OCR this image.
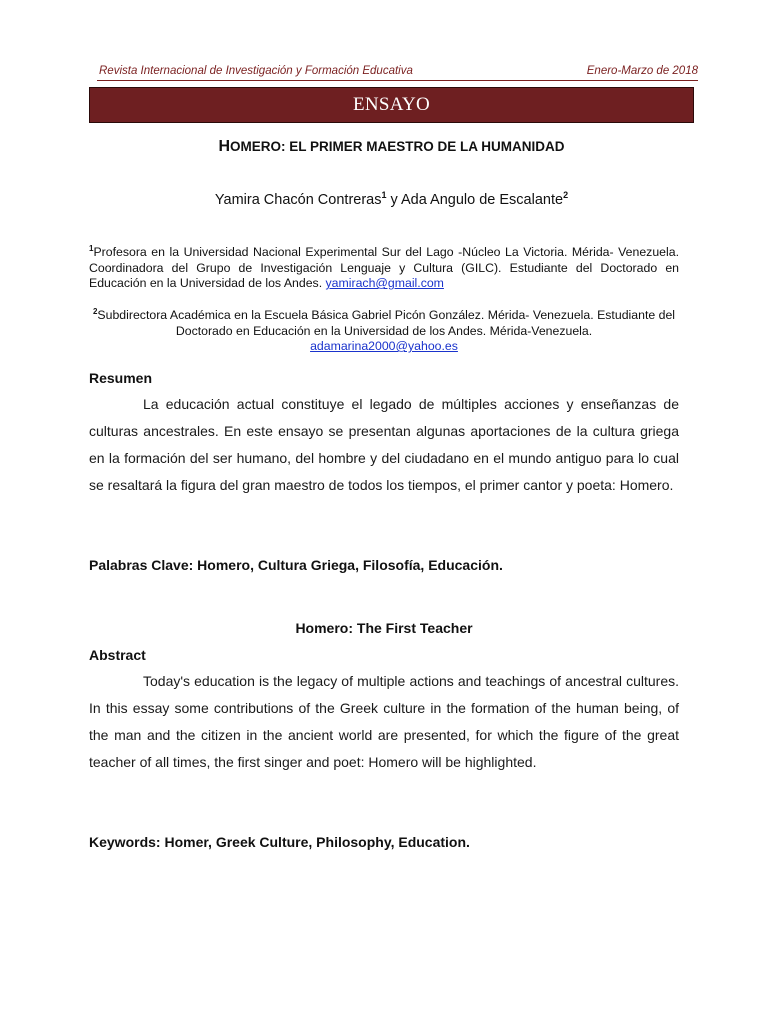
Revista Internacional de Investigación y Formación Educativa	Enero-Marzo de 2018
ENSAYO
HOMERO: EL PRIMER MAESTRO DE LA HUMANIDAD
Yamira Chacón Contreras$^1$ y Ada Angulo de Escalante$^2$
$^1$Profesora en la Universidad Nacional Experimental Sur del Lago -Núcleo La Victoria. Mérida- Venezuela. Coordinadora del Grupo de Investigación Lenguaje y Cultura (GILC). Estudiante del Doctorado en Educación en la Universidad de los Andes. yamirach@gmail.com
$^2$Subdirectora Académica en la Escuela Básica Gabriel Picón González. Mérida- Venezuela. Estudiante del Doctorado en Educación en la Universidad de los Andes. Mérida-Venezuela.
adamarina2000@yahoo.es
Resumen

La educación actual constituye el legado de múltiples acciones y enseñanzas de culturas ancestrales. En este ensayo se presentan algunas aportaciones de la cultura griega en la formación del ser humano, del hombre y del ciudadano en el mundo antiguo para lo cual se resaltará la figura del gran maestro de todos los tiempos, el primer cantor y poeta: Homero.

Palabras Clave: Homero, Cultura Griega, Filosofía, Educación.
Homero: The First Teacher
Abstract

Today's education is the legacy of multiple actions and teachings of ancestral cultures. In this essay some contributions of the Greek culture in the formation of the human being, of the man and the citizen in the ancient world are presented, for which the figure of the great teacher of all times, the first singer and poet: Homero will be highlighted.

Keywords: Homer, Greek Culture, Philosophy, Education.
